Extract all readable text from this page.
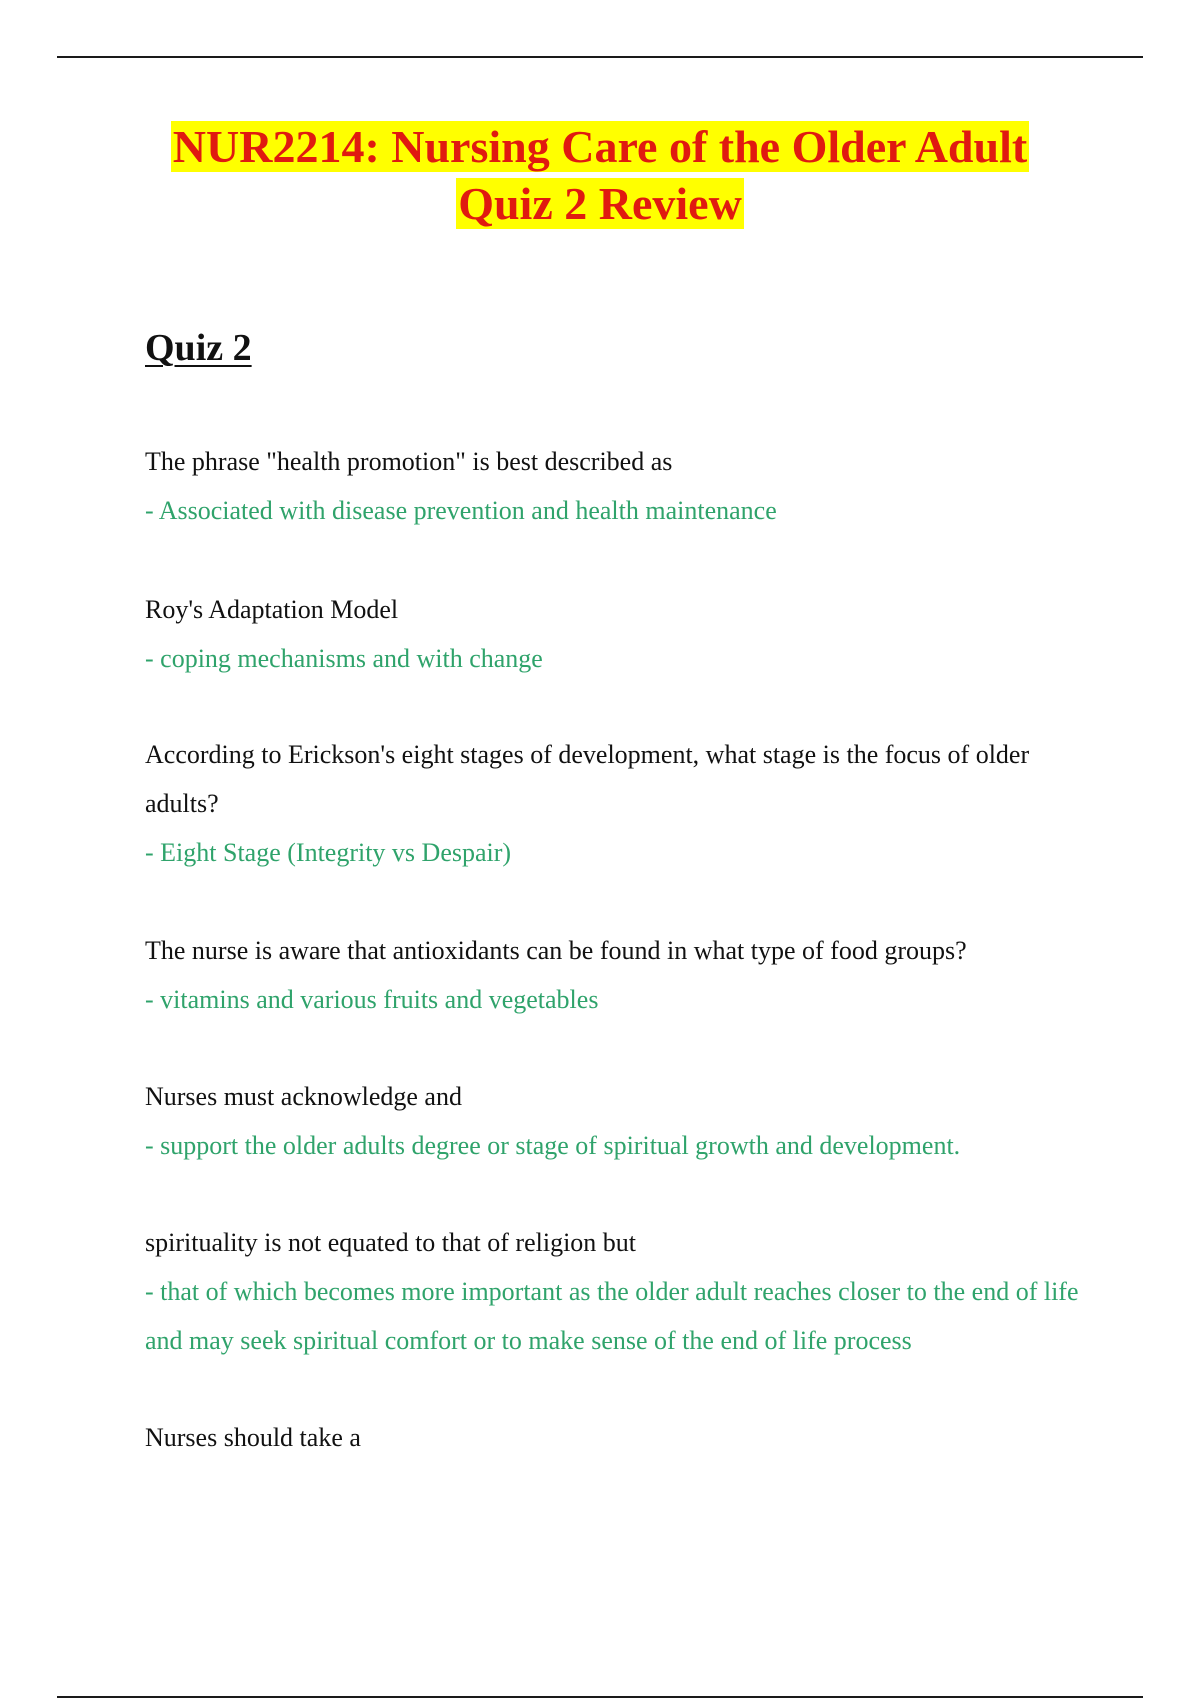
NUR2214: Nursing Care of the Older Adult
Quiz 2 Review
Quiz 2

The phrase "health promotion" is best described as

- Associated with disease prevention and health maintenance

Roy's Adaptation Model

- coping mechanisms and with change

According to Erickson's eight stages of development, what stage is the focus of older adults?

- Eight Stage (Integrity vs Despair)

The nurse is aware that antioxidants can be found in what type of food groups?

- vitamins and various fruits and vegetables

Nurses must acknowledge and

- support the older adults degree or stage of spiritual growth and development.

spirituality is not equated to that of religion but

- that of which becomes more important as the older adult reaches closer to the end of life and may seek spiritual comfort or to make sense of the end of life process

Nurses should take a
